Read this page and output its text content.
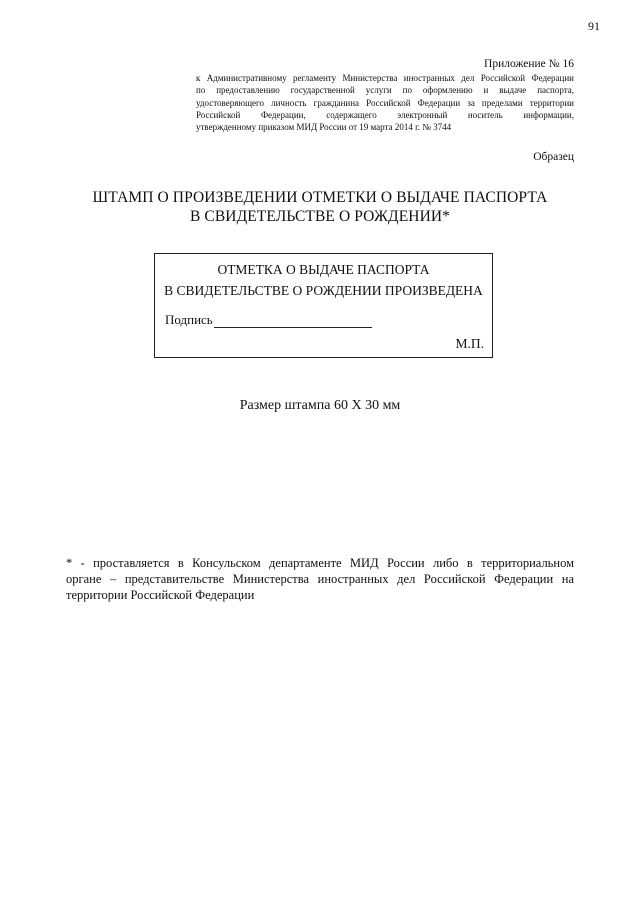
91
Приложение № 16
к Административному регламенту Министерства иностранных дел Российской Федерации
по предоставлению государственной услуги по оформлению и выдаче паспорта,
удостоверяющего личность гражданина Российской Федерации за пределами территории
Российской Федерации, содержащего электронный носитель информации,
утвержденному приказом МИД России от 19 марта 2014 г. № 3744
Образец
ШТАМП О ПРОИЗВЕДЕНИИ ОТМЕТКИ О ВЫДАЧЕ ПАСПОРТА
В СВИДЕТЕЛЬСТВЕ О РОЖДЕНИИ*
ОТМЕТКА О ВЫДАЧЕ ПАСПОРТА
В СВИДЕТЕЛЬСТВЕ О РОЖДЕНИИ ПРОИЗВЕДЕНА
Подпись
М.П.
Размер штампа 60 Х 30 мм
* - проставляется в Консульском департаменте МИД России либо в территориальном
органе – представительстве Министерства иностранных дел Российской Федерации на
территории Российской Федерации
